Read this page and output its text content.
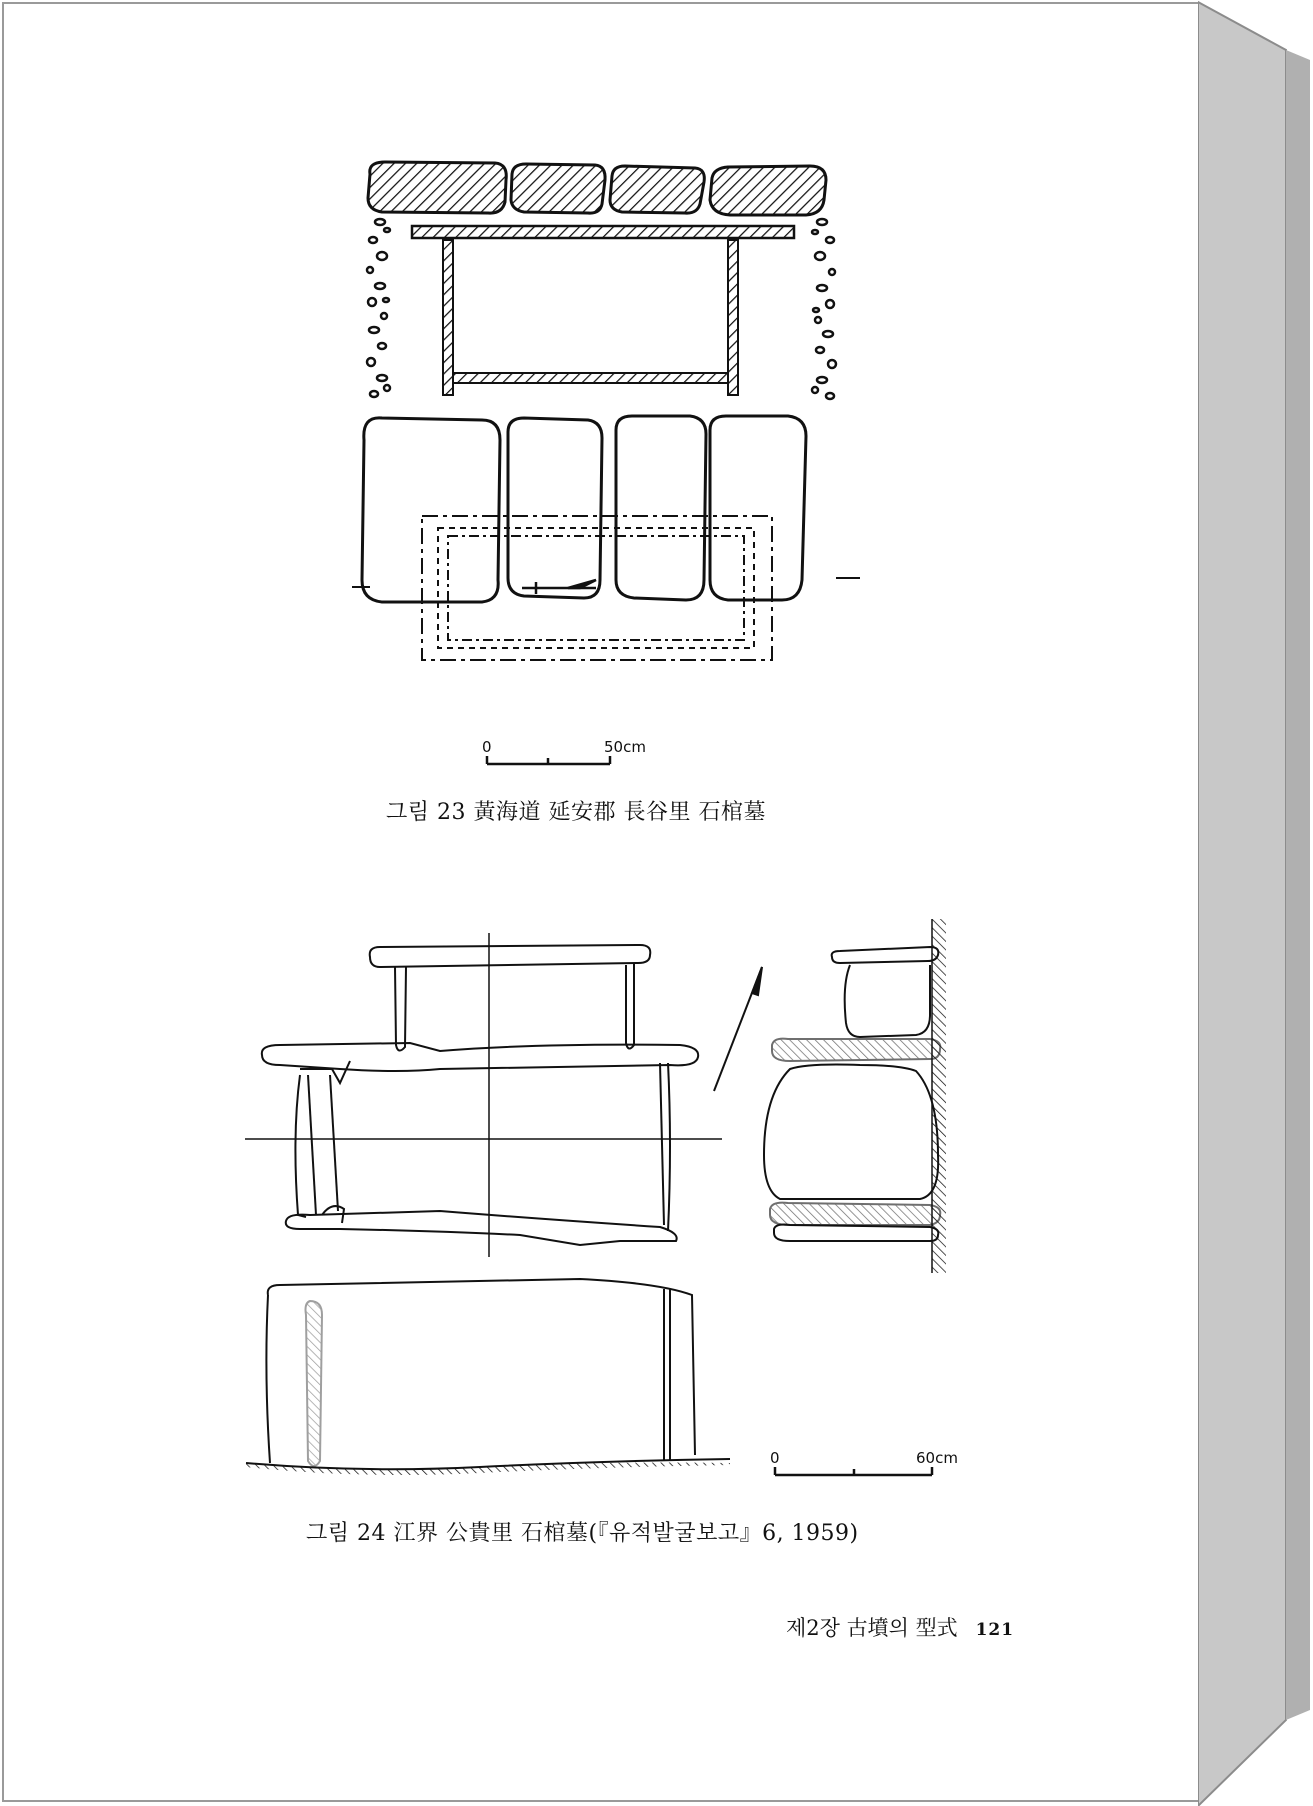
0	50cm
그림 23 黃海道 延安郡 長谷里 石棺墓
0	60cm
그림 24 江界 公貴里 石棺墓(『유적발굴보고』6, 1959)
제2장 古墳의 型式 121
